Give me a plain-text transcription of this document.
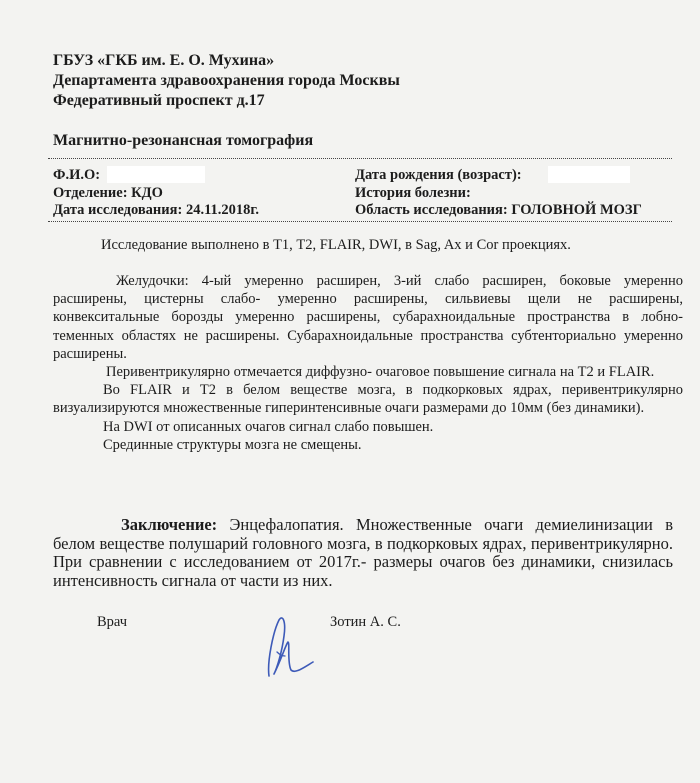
ГБУЗ «ГКБ им. Е. О. Мухина»
Департамента здравоохранения города Москвы
Федеративный проспект д.17
Магнитно-резонансная томография
Ф.И.О:
Отделение: КДО
Дата исследования: 24.11.2018г.
Дата рождения (возраст):
История болезни:
Область исследования: ГОЛОВНОЙ МОЗГ
Исследование выполнено в Т1, Т2, FLAIR, DWI, в Sag, Ax и Cor проекциях.

Желудочки: 4-ый умеренно расширен, 3-ий слабо расширен, боковые умеренно расширены, цистерны слабо- умеренно расширены, сильвиевы щели не расширены, конвекситальные борозды умеренно расширены, субарахноидальные пространства в лобно-теменных областях не расширены. Субарахноидальные пространства субтенториально умеренно расширены.

Перивентрикулярно отмечается диффузно- очаговое повышение сигнала на Т2 и FLAIR.

Во FLAIR и Т2 в белом веществе мозга, в подкорковых ядрах, перивентрикулярно визуализируются множественные гиперинтенсивные очаги размерами до 10мм (без динамики).

На DWI от описанных очагов сигнал слабо повышен.

Срединные структуры мозга не смещены.

Заключение: Энцефалопатия. Множественные очаги демиелинизации в белом веществе полушарий головного мозга, в подкорковых ядрах, перивентрикулярно. При сравнении с исследованием от 2017г.- размеры очагов без динамики, снизилась интенсивность сигнала от части из них.
Врач	Зотин А. С.
